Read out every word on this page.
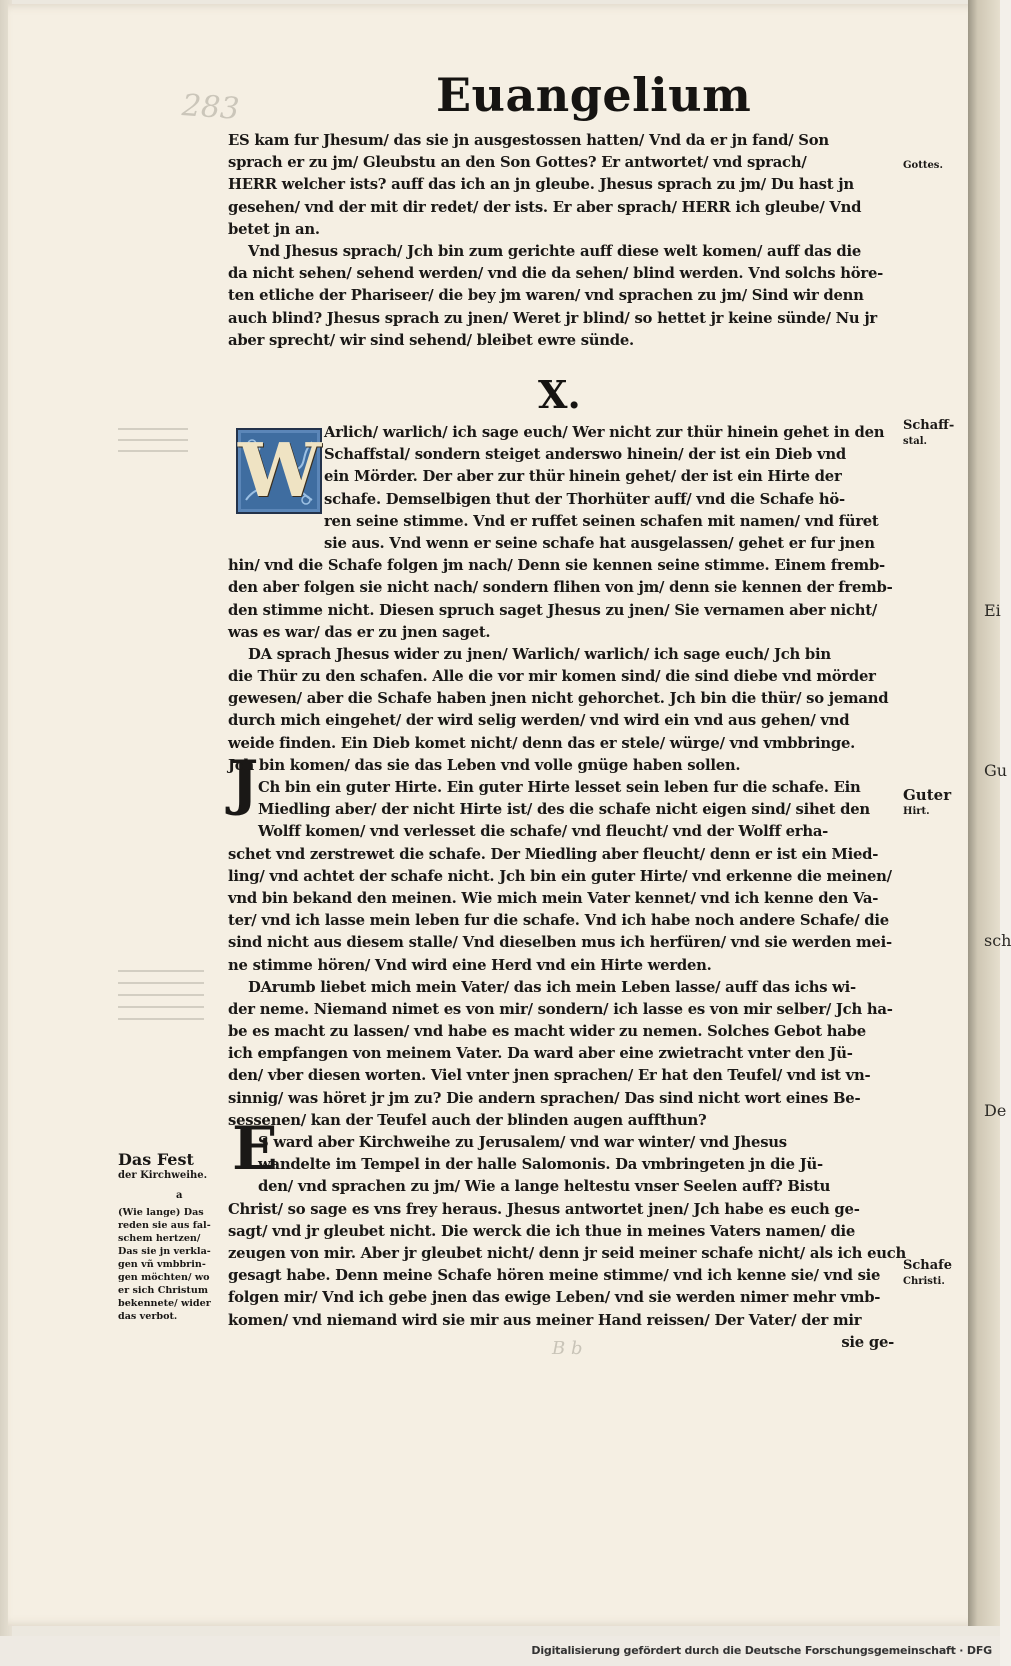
Ei
Gu
sch
De
283	Euangelium
ES kam fur Jhesum/ das sie jn ausgestossen hatten/ Vnd da er jn fand/ Son
sprach er zu jm/ Gleubstu an den Son Gottes? Er antwortet/ vnd sprach/
HERR welcher ists? auff das ich an jn gleube. Jhesus sprach zu jm/ Du hast jn
gesehen/ vnd der mit dir redet/ der ists. Er aber sprach/ HERR ich gleube/ Vnd
betet jn an.
Vnd Jhesus sprach/ Jch bin zum gerichte auff diese welt komen/ auff das die
da nicht sehen/ sehend werden/ vnd die da sehen/ blind werden. Vnd solchs höre-
ten etliche der Phariseer/ die bey jm waren/ vnd sprachen zu jm/ Sind wir denn
auch blind? Jhesus sprach zu jnen/ Weret jr blind/ so hettet jr keine sünde/ Nu jr
aber sprecht/ wir sind sehend/ bleibet ewre sünde.
X.
W
J
E
Arlich/ warlich/ ich sage euch/ Wer nicht zur thür hinein gehet in den
Schaffstal/ sondern steiget anderswo hinein/ der ist ein Dieb vnd
ein Mörder. Der aber zur thür hinein gehet/ der ist ein Hirte der
schafe. Demselbigen thut der Thorhüter auff/ vnd die Schafe hö-
ren seine stimme. Vnd er ruffet seinen schafen mit namen/ vnd füret
sie aus. Vnd wenn er seine schafe hat ausgelassen/ gehet er fur jnen
hin/ vnd die Schafe folgen jm nach/ Denn sie kennen seine stimme. Einem fremb-
den aber folgen sie nicht nach/ sondern flihen von jm/ denn sie kennen der fremb-
den stimme nicht. Diesen spruch saget Jhesus zu jnen/ Sie vernamen aber nicht/
was es war/ das er zu jnen saget.
DA sprach Jhesus wider zu jnen/ Warlich/ warlich/ ich sage euch/ Jch bin
die Thür zu den schafen. Alle die vor mir komen sind/ die sind diebe vnd mörder
gewesen/ aber die Schafe haben jnen nicht gehorchet. Jch bin die thür/ so jemand
durch mich eingehet/ der wird selig werden/ vnd wird ein vnd aus gehen/ vnd
weide finden. Ein Dieb komet nicht/ denn das er stele/ würge/ vnd vmbbringe.
Jch bin komen/ das sie das Leben vnd volle gnüge haben sollen.
Ch bin ein guter Hirte. Ein guter Hirte lesset sein leben fur die schafe. Ein
Miedling aber/ der nicht Hirte ist/ des die schafe nicht eigen sind/ sihet den
Wolff komen/ vnd verlesset die schafe/ vnd fleucht/ vnd der Wolff erha-
schet vnd zerstrewet die schafe. Der Miedling aber fleucht/ denn er ist ein Mied-
ling/ vnd achtet der schafe nicht. Jch bin ein guter Hirte/ vnd erkenne die meinen/
vnd bin bekand den meinen. Wie mich mein Vater kennet/ vnd ich kenne den Va-
ter/ vnd ich lasse mein leben fur die schafe. Vnd ich habe noch andere Schafe/ die
sind nicht aus diesem stalle/ Vnd dieselben mus ich herfüren/ vnd sie werden mei-
ne stimme hören/ Vnd wird eine Herd vnd ein Hirte werden.
DArumb liebet mich mein Vater/ das ich mein Leben lasse/ auff das ichs wi-
der neme. Niemand nimet es von mir/ sondern/ ich lasse es von mir selber/ Jch ha-
be es macht zu lassen/ vnd habe es macht wider zu nemen. Solches Gebot habe
ich empfangen von meinem Vater. Da ward aber eine zwietracht vnter den Jü-
den/ vber diesen worten. Viel vnter jnen sprachen/ Er hat den Teufel/ vnd ist vn-
sinnig/ was höret jr jm zu? Die andern sprachen/ Das sind nicht wort eines Be-
sessenen/ kan der Teufel auch der blinden augen auffthun?
S ward aber Kirchweihe zu Jerusalem/ vnd war winter/ vnd Jhesus
wandelte im Tempel in der halle Salomonis. Da vmbringeten jn die Jü-
den/ vnd sprachen zu jm/ Wie a lange heltestu vnser Seelen auff? Bistu
Christ/ so sage es vns frey heraus. Jhesus antwortet jnen/ Jch habe es euch ge-
sagt/ vnd jr gleubet nicht. Die werck die ich thue in meines Vaters namen/ die
zeugen von mir. Aber jr gleubet nicht/ denn jr seid meiner schafe nicht/ als ich euch
gesagt habe. Denn meine Schafe hören meine stimme/ vnd ich kenne sie/ vnd sie
folgen mir/ Vnd ich gebe jnen das ewige Leben/ vnd sie werden nimer mehr vmb-
komen/ vnd niemand wird sie mir aus meiner Hand reissen/ Der Vater/ der mir
sie ge-
Gottes.
Schaff-
stal.
Guter
Hirt.
Schafe
Christi.
Das Fest
der Kirchweihe.
a
(Wie lange) Das
reden sie aus fal-
schem hertzen/
Das sie jn verkla-
gen vñ vmbbrin-
gen möchten/ wo
er sich Christum
bekennete/ wider
das verbot.
B b
Digitalisierung gefördert durch die Deutsche Forschungsgemeinschaft · DFG
